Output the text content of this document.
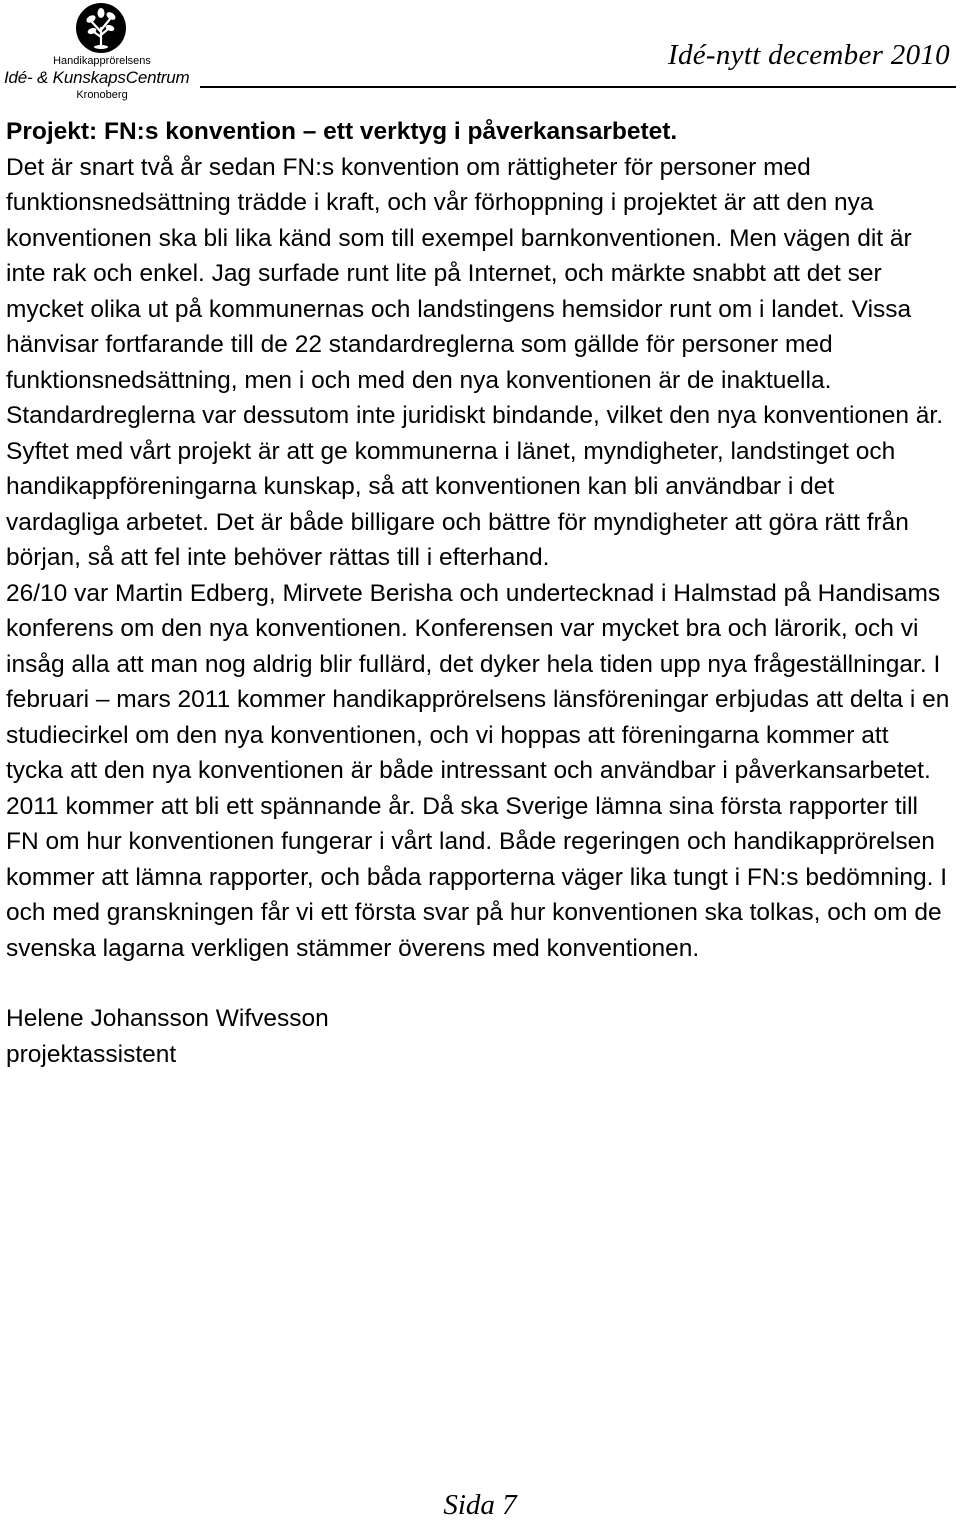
Handikapprörelsens
Idé- & KunskapsCentrum
Kronoberg
Idé-nytt december 2010

Projekt: FN:s konvention – ett verktyg i påverkansarbetet.

Det är snart två år sedan FN:s konvention om rättigheter för personer med funktionsnedsättning trädde i kraft, och vår förhoppning i projektet är att den nya konventionen ska bli lika känd som till exempel barnkonventionen. Men vägen dit är inte rak och enkel. Jag surfade runt lite på Internet, och märkte snabbt att det ser mycket olika ut på kommunernas och landstingens hemsidor runt om i landet. Vissa hänvisar fortfarande till de 22 standardreglerna som gällde för personer med funktionsnedsättning, men i och med den nya konventionen är de inaktuella. Standardreglerna var dessutom inte juridiskt bindande, vilket den nya konventionen är. Syftet med vårt projekt är att ge kommunerna i länet, myndigheter, landstinget och handikappföreningarna kunskap, så att konventionen kan bli användbar i det vardagliga arbetet. Det är både billigare och bättre för myndigheter att göra rätt från början, så att fel inte behöver rättas till i efterhand.

26/10 var Martin Edberg, Mirvete Berisha och undertecknad i Halmstad på Handisams konferens om den nya konventionen. Konferensen var mycket bra och lärorik, och vi insåg alla att man nog aldrig blir fullärd, det dyker hela tiden upp nya frågeställningar. I februari – mars 2011 kommer handikapprörelsens länsföreningar erbjudas att delta i en studiecirkel om den nya konventionen, och vi hoppas att föreningarna kommer att tycka att den nya konventionen är både intressant och användbar i påverkansarbetet.

2011 kommer att bli ett spännande år. Då ska Sverige lämna sina första rapporter till FN om hur konventionen fungerar i vårt land. Både regeringen och handikapprörelsen kommer att lämna rapporter, och båda rapporterna väger lika tungt i FN:s bedömning. I och med granskningen får vi ett första svar på hur konventionen ska tolkas, och om de svenska lagarna verkligen stämmer överens med konventionen.

Helene Johansson Wifvesson

projektassistent

Sida 7
